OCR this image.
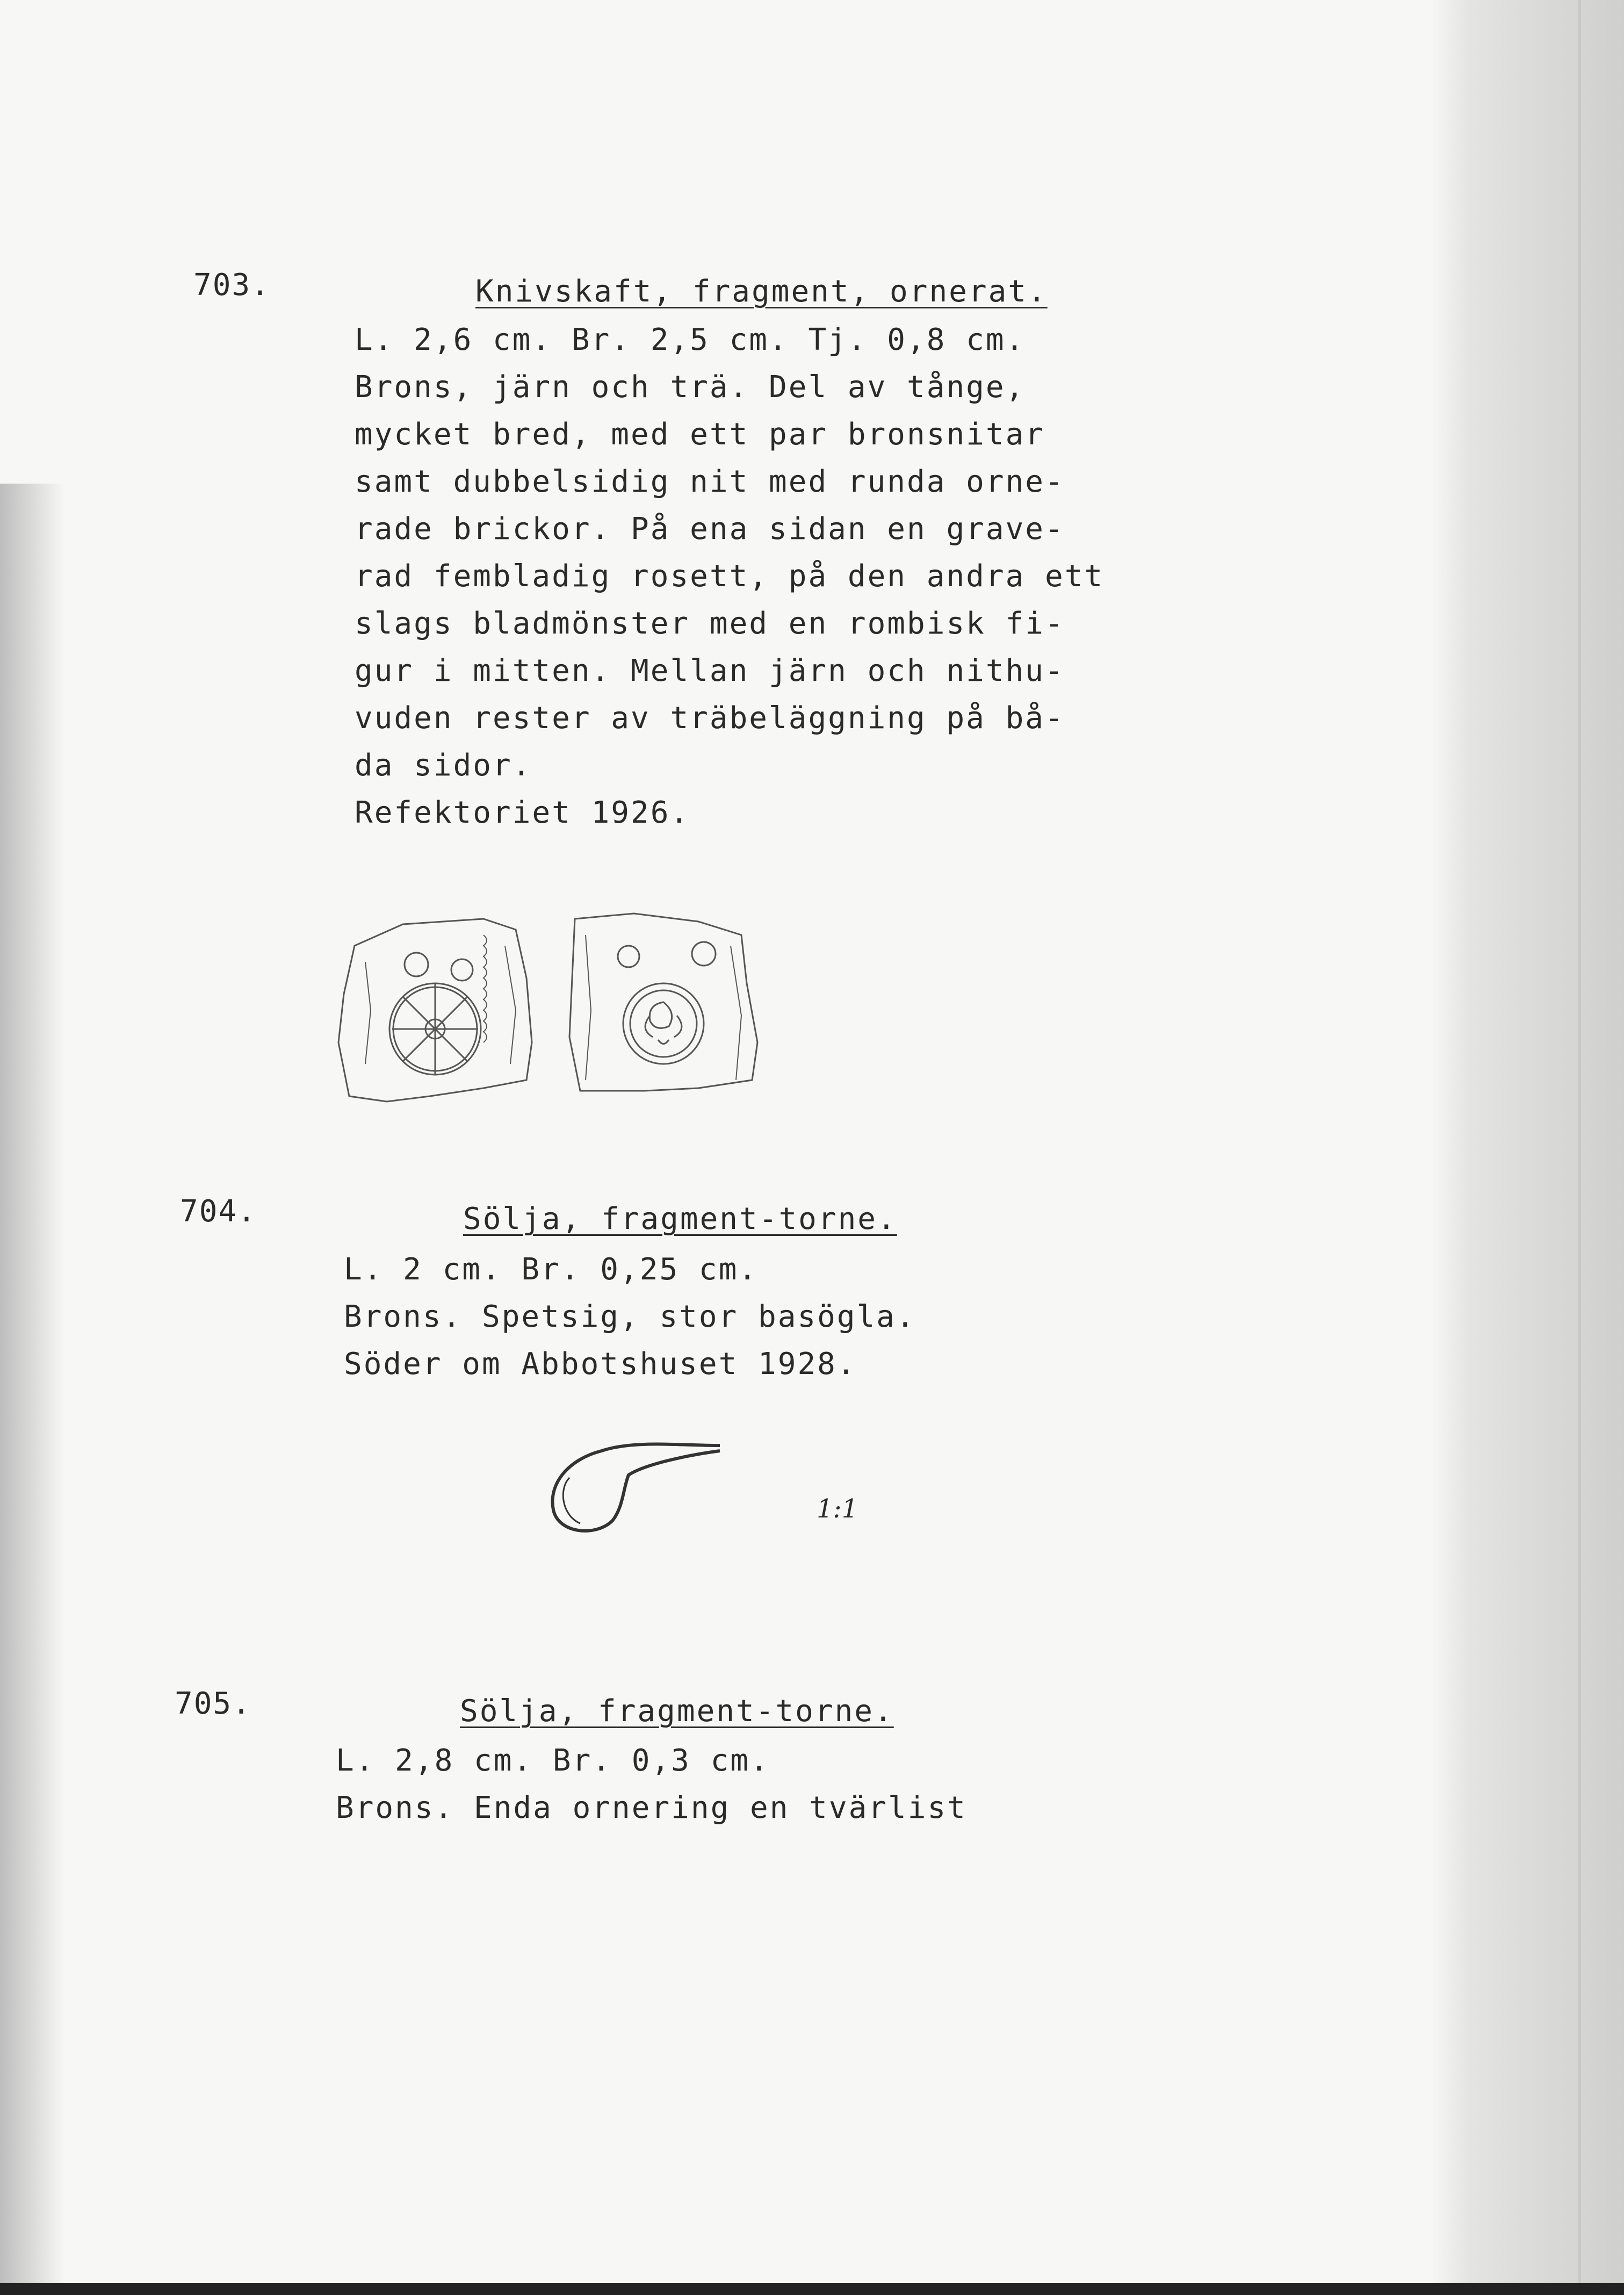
703.	Knivskaft, fragment, ornerat.
L. 2,6 cm. Br. 2,5 cm. Tj. 0,8 cm.
Brons, järn och trä. Del av tånge,
mycket bred, med ett par bronsnitar
samt dubbelsidig nit med runda orne-
rade brickor. På ena sidan en grave-
rad fembladig rosett, på den andra ett
slags bladmönster med en rombisk fi-
gur i mitten. Mellan järn och nithu-
vuden rester av träbeläggning på bå-
da sidor.
Refektoriet 1926.
704.	Sölja, fragment-torne.
L. 2 cm. Br. 0,25 cm.
Brons. Spetsig, stor basögla.
Söder om Abbotshuset 1928.
1:1
705.	Sölja, fragment-torne.
L. 2,8 cm. Br. 0,3 cm.
Brons. Enda ornering en tvärlist
